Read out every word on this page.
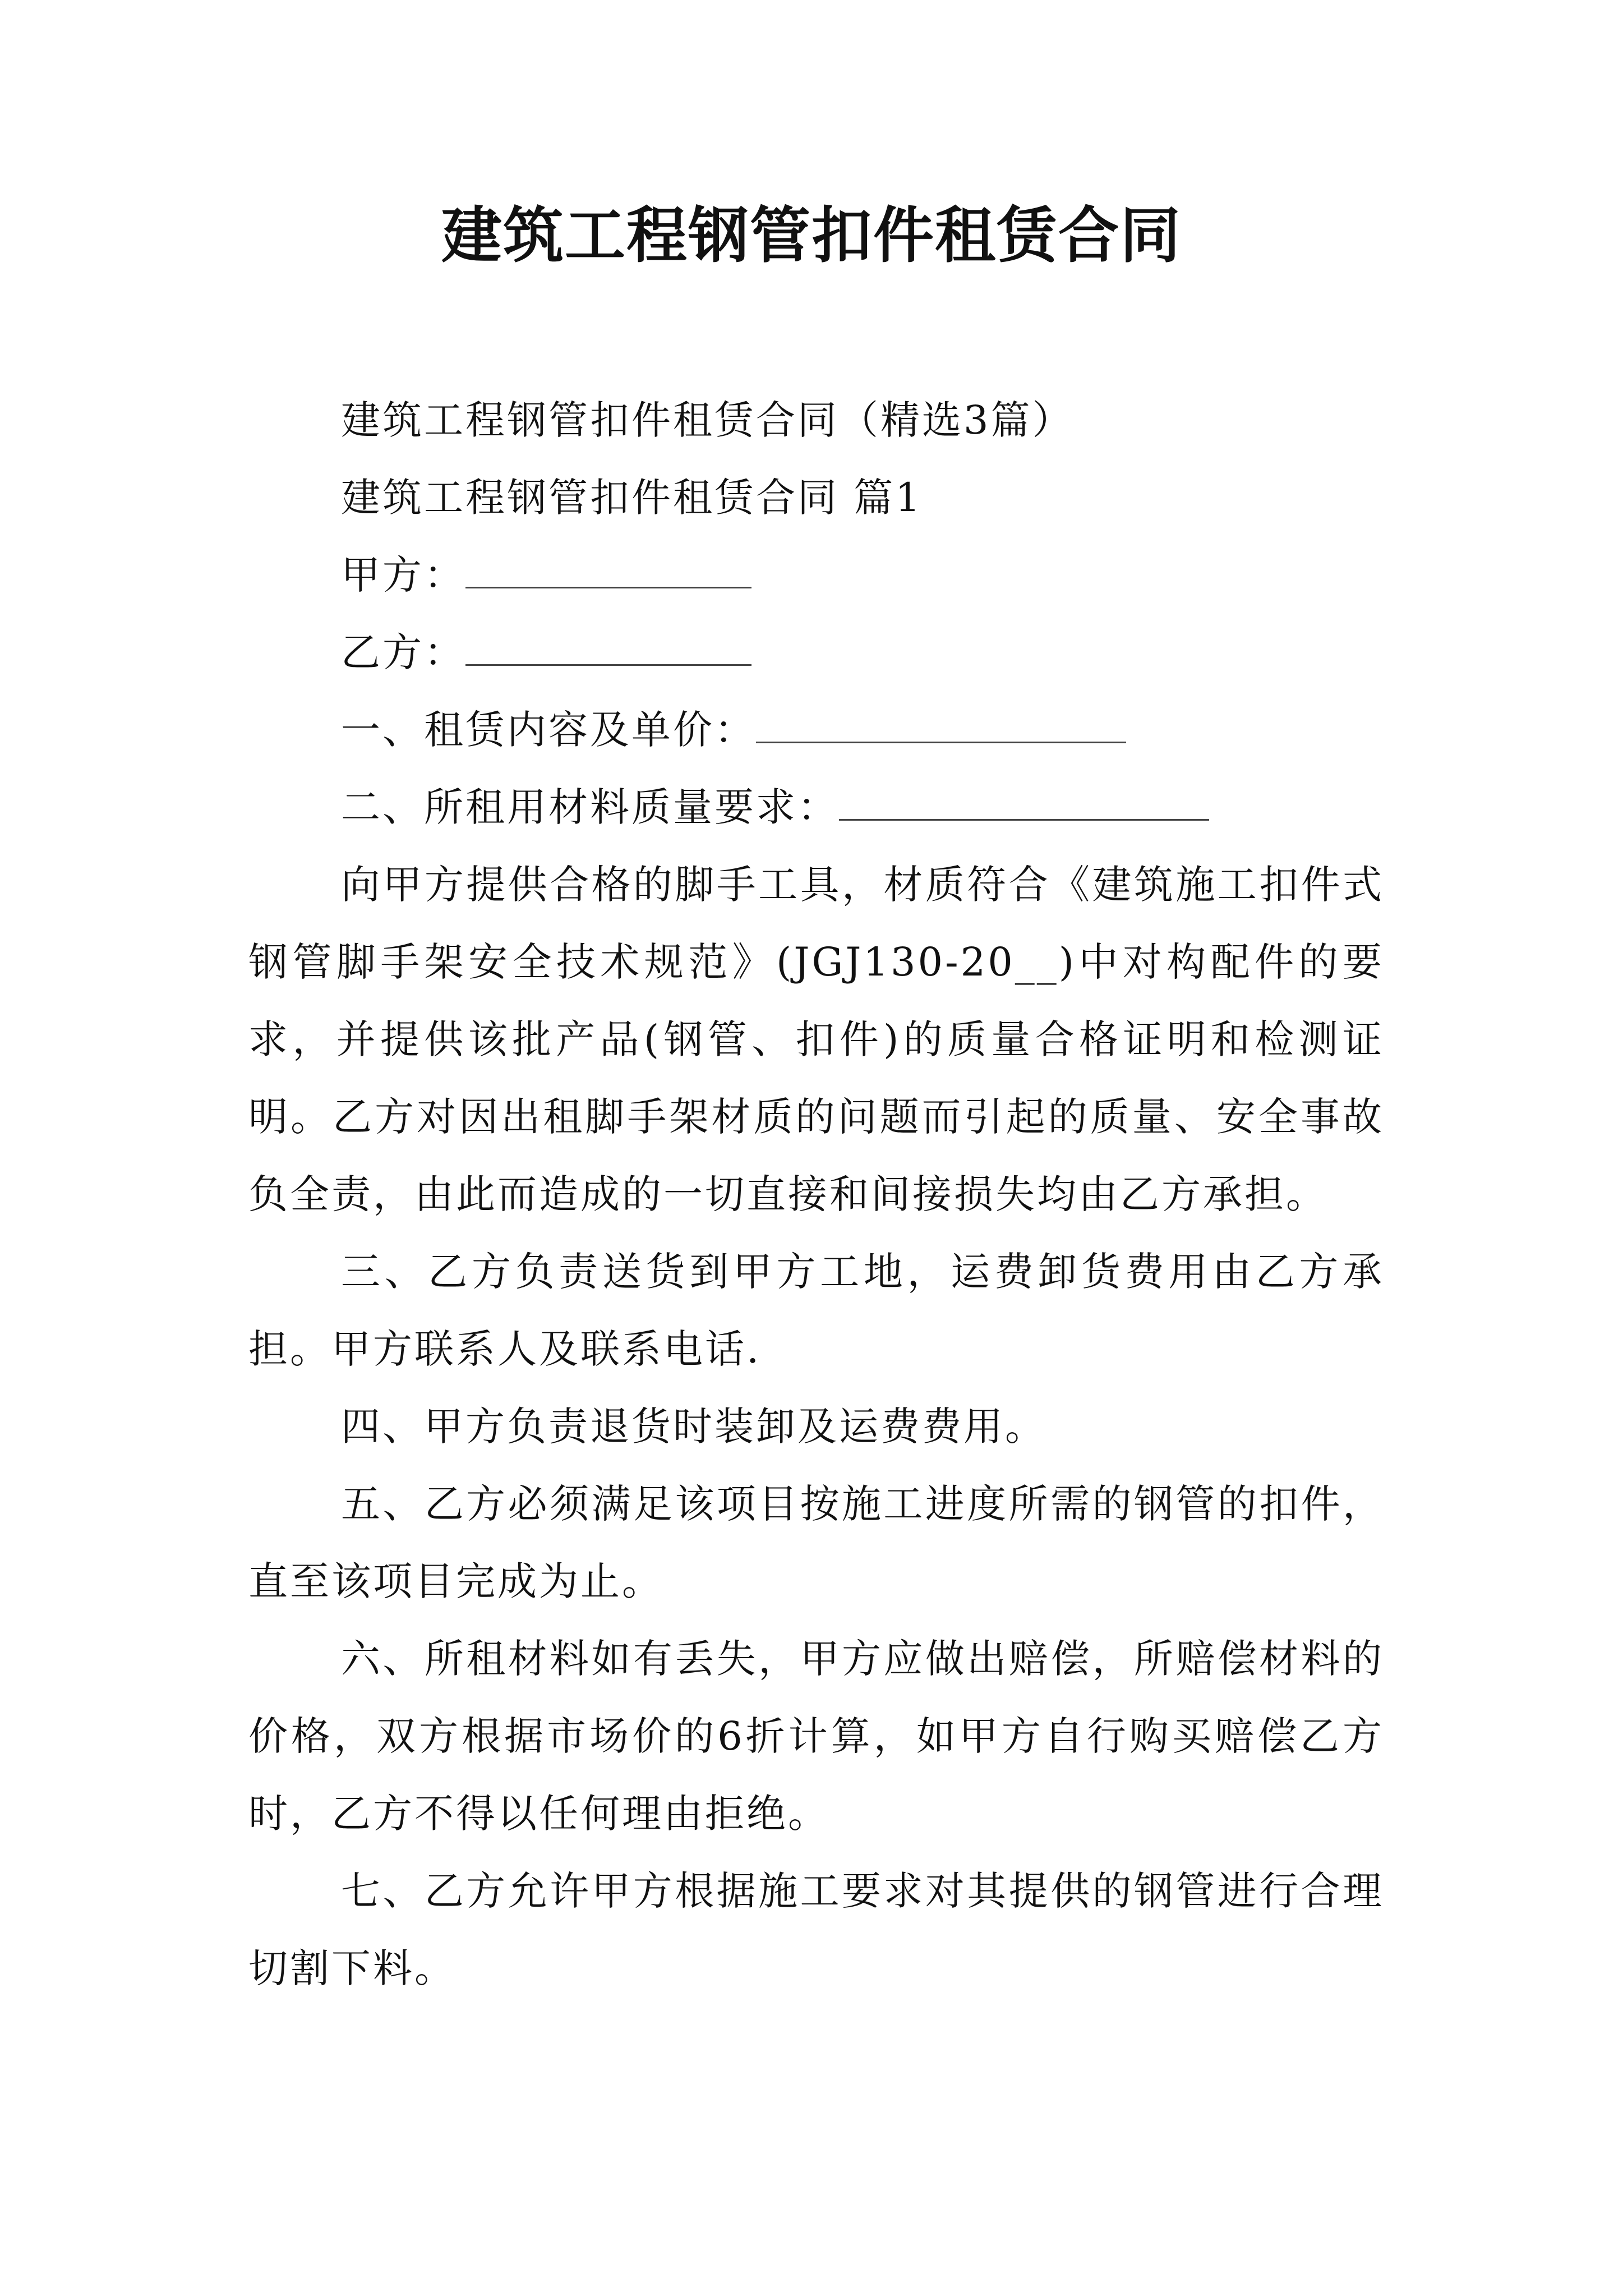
建筑工程钢管扣件租赁合同

建筑工程钢管扣件租赁合同（精选3篇）

建筑工程钢管扣件租赁合同 篇1

甲方：

乙方：

一、租赁内容及单价：

二、所租用材料质量要求：

向甲方提供合格的脚手工具，材质符合《建筑施工扣件式钢管脚手架安全技术规范》(JGJ130-20__)中对构配件的要求，并提供该批产品(钢管、扣件)的质量合格证明和检测证明。乙方对因出租脚手架材质的问题而引起的质量、安全事故负全责，由此而造成的一切直接和间接损失均由乙方承担。

三、乙方负责送货到甲方工地，运费卸货费用由乙方承担。甲方联系人及联系电话.

四、甲方负责退货时装卸及运费费用。

五、乙方必须满足该项目按施工进度所需的钢管的扣件，直至该项目完成为止。

六、所租材料如有丢失，甲方应做出赔偿，所赔偿材料的价格，双方根据市场价的6折计算，如甲方自行购买赔偿乙方时，乙方不得以任何理由拒绝。

七、乙方允许甲方根据施工要求对其提供的钢管进行合理切割下料。
